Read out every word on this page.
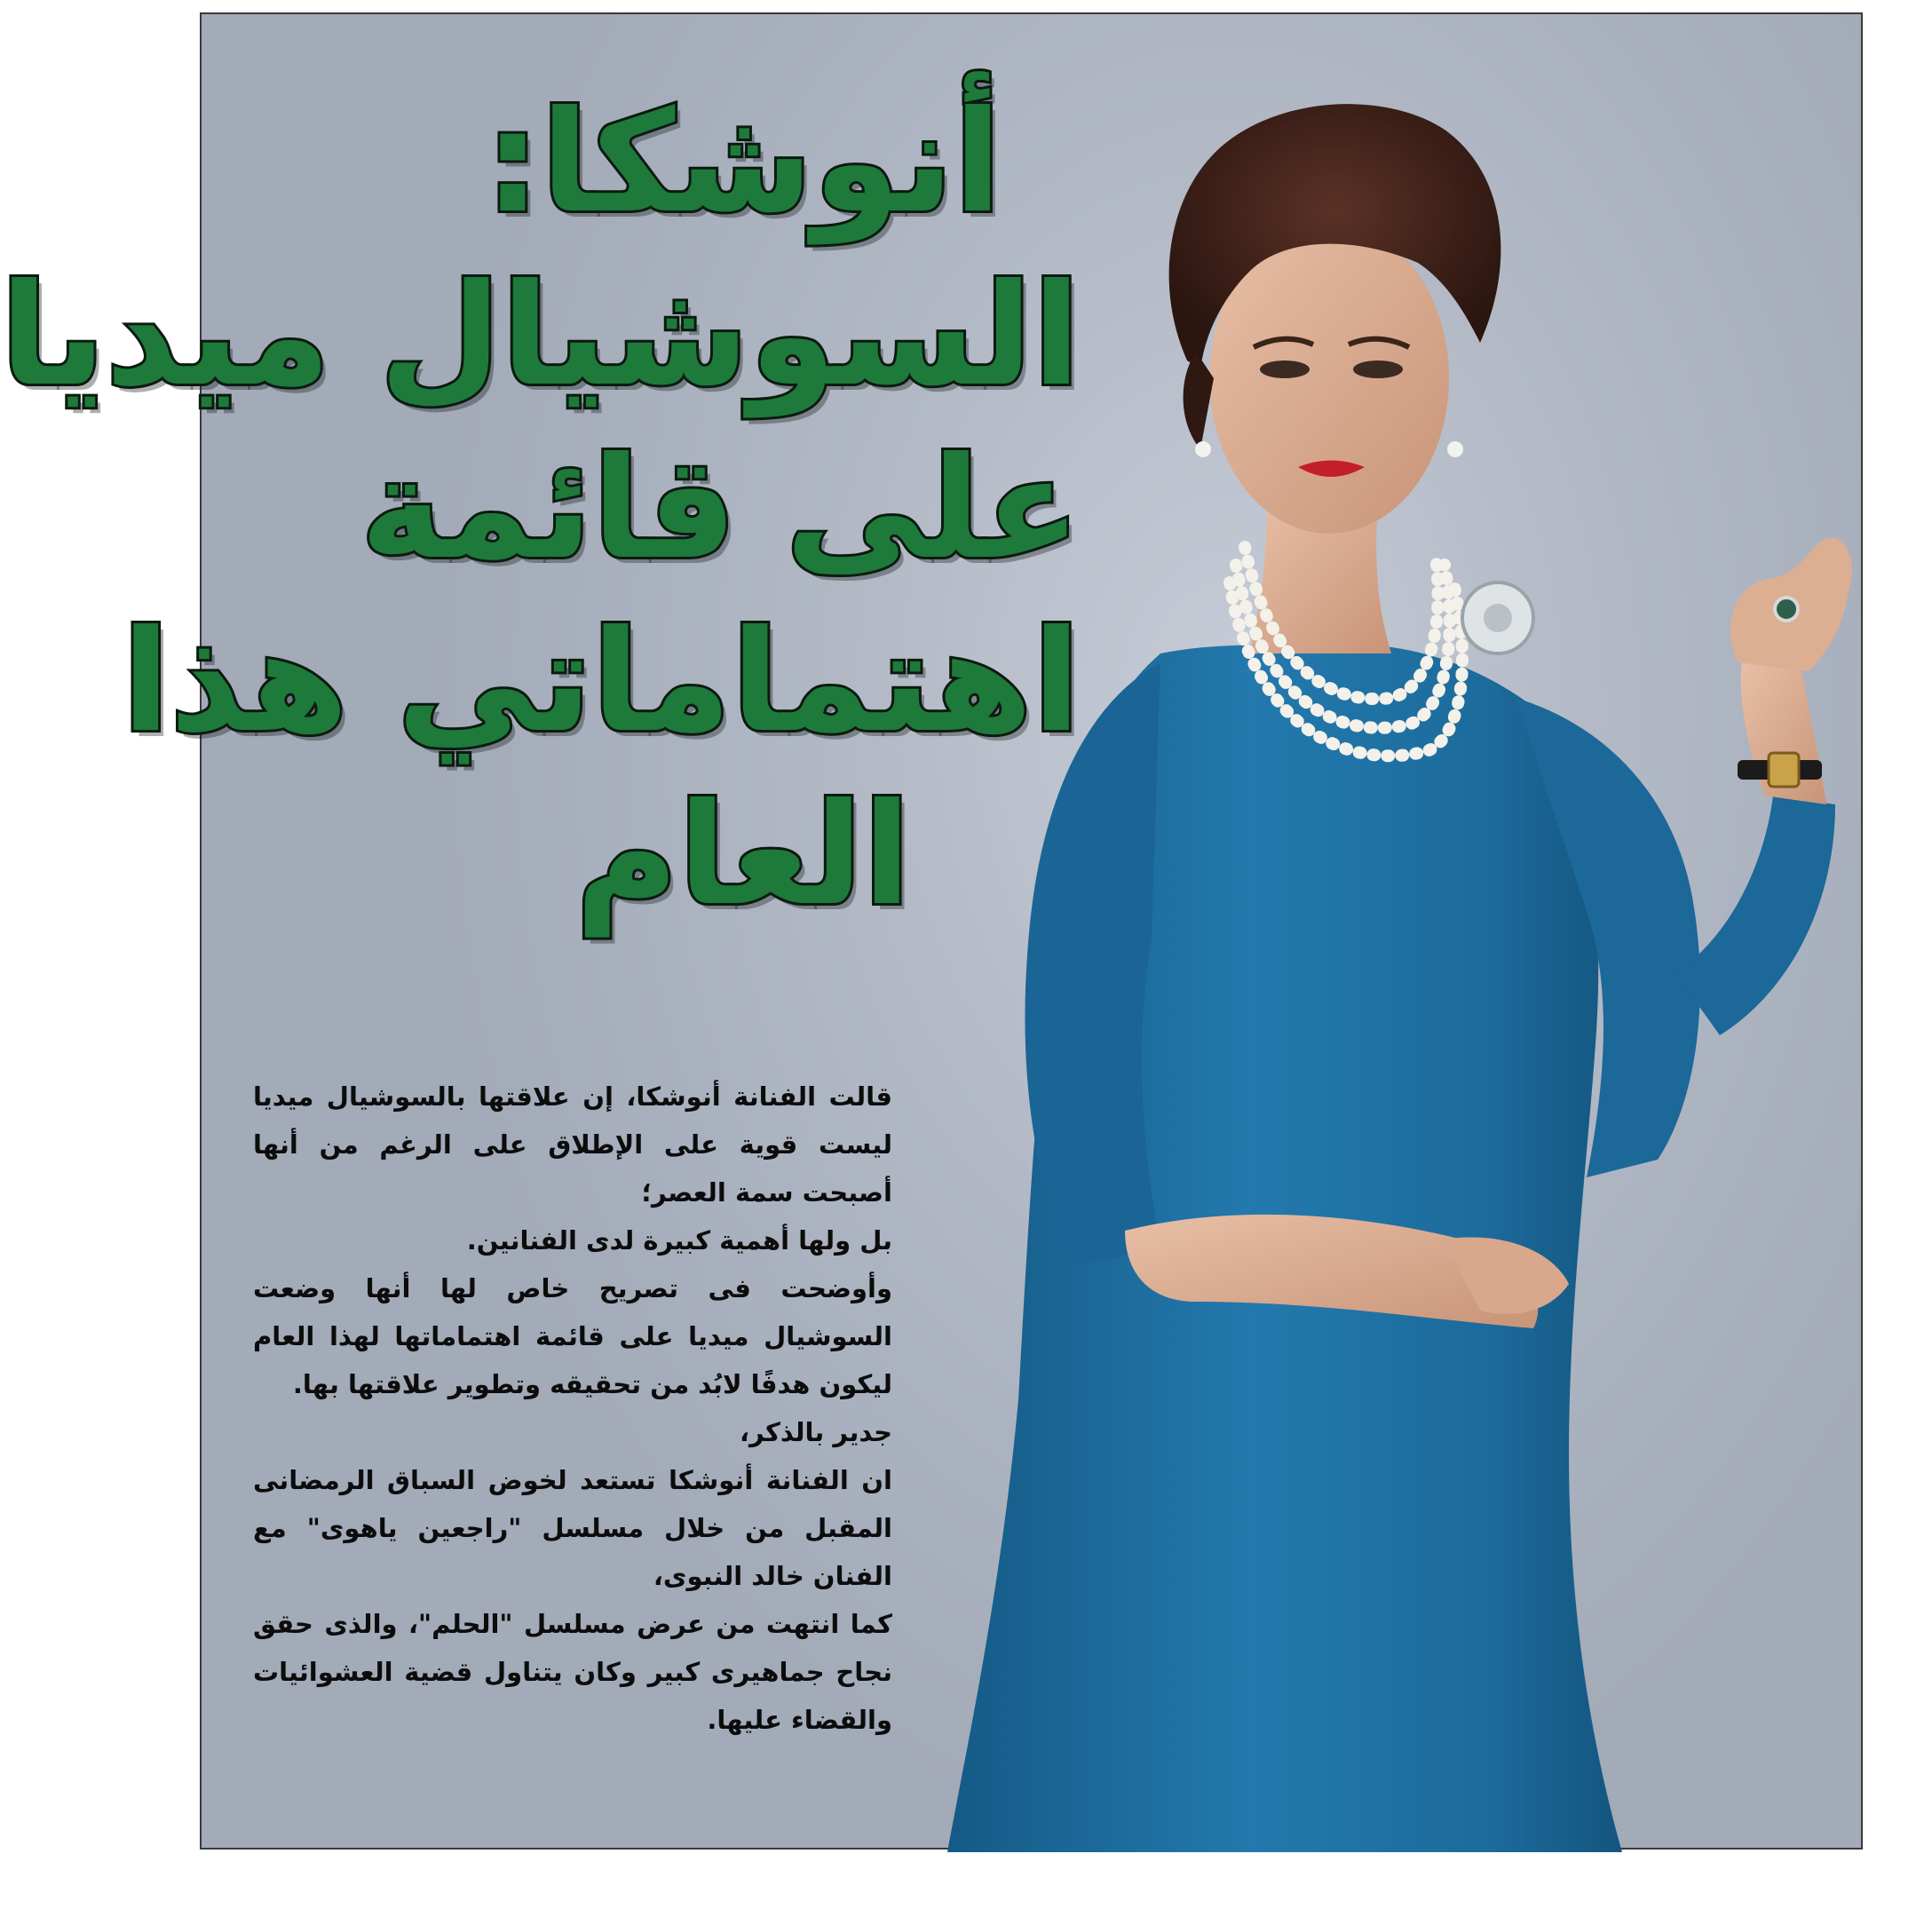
أنوشكا:
السوشيال ميديا
على قائمة
اهتماماتي هذا
العام

قالت الفنانة أنوشكا، إن علاقتها بالسوشيال ميديا ليست قوية على الإطلاق على الرغم من أنها أصبحت سمة العصر؛

بل ولها أهمية كبيرة لدى الفنانين.

وأوضحت فى تصريح خاص لها أنها وضعت السوشيال ميديا على قائمة اهتماماتها لهذا العام ليكون هدفًا لابُد من تحقيقه وتطوير علاقتها بها.

جدير بالذكر،

ان الفنانة أنوشكا تستعد لخوض السباق الرمضانى المقبل من خلال مسلسل "راجعين ياهوى" مع الفنان خالد النبوى،

كما انتهت من عرض مسلسل "الحلم"، والذى حقق نجاح جماهيرى كبير وكان يتناول قضية العشوائيات والقضاء عليها.
